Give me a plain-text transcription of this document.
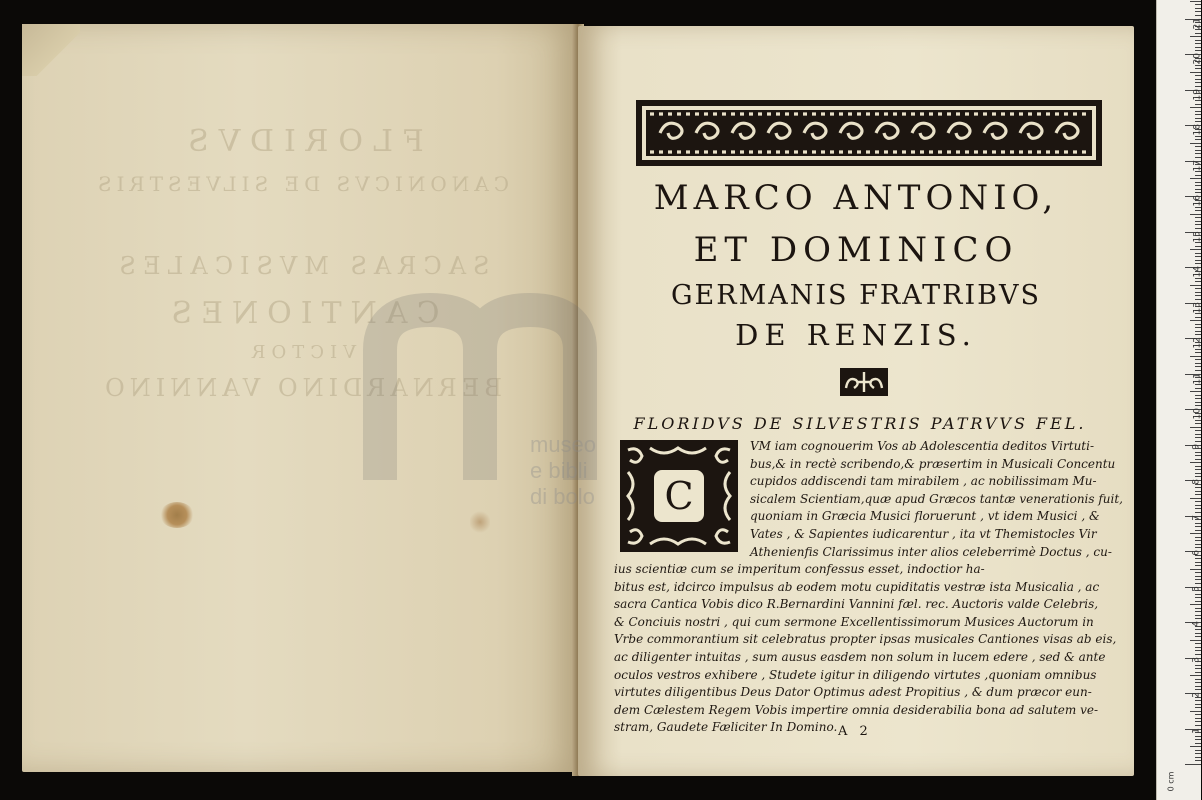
FLORIDVS
CANONICVS DE SILVESTRIS
SACRAS MVSICALES
CANTIONES
VICTOR
BERNARDINO VANNINO
museo
e bibli
di bolo
MARCO ANTONIO,
ET DOMINICO
GERMANIS FRATRIBVS
DE RENZIS.
FLORIDVS DE SILVESTRIS PATRVVS FEL.
C
VM iam cognouerim Vos ab Adolescentia deditos Virtuti-
bus,& in rectè scribendo,& præsertim in Musicali Concentu
cupidos addiscendi tam mirabilem , ac nobilissimam Mu-
sicalem Scientiam,quæ apud Græcos tantæ venerationis fuit,
quoniam in Græcia Musici floruerunt , vt idem Musici , &
Vates , & Sapientes iudicarentur , ita vt Themistocles Vir
Athenienfis Clarissimus inter alios celeberrimè Doctus , cu-
ius scientiæ cum se imperitum confessus esset, indoctior ha-
bitus est, idcirco impulsus ab eodem motu cupiditatis vestræ ista Musicalia , ac
sacra Cantica Vobis dico R.Bernardini Vannini fæl. rec. Auctoris valde Celebris,
& Conciuis nostri , qui cum sermone Excellentissimorum Musices Auctorum in
Vrbe commorantium sit celebratus propter ipsas musicales Cantiones visas ab eis,
ac diligenter intuitas , sum ausus easdem non solum in lucem edere , sed & ante
oculos vestros exhibere , Studete igitur in diligendo virtutes ,quoniam omnibus
virtutes diligentibus Deus Dator Optimus adest Propitius , & dum præcor eun-
dem Cælestem Regem Vobis impertire omnia desiderabilia bona ad salutem ve-
stram, Gaudete Fæliciter In Domino. A 2
0 cm
1
2
3
4
5
6
7
8
9
10
11
12
13
14
15
16
17
18
19
20
21
